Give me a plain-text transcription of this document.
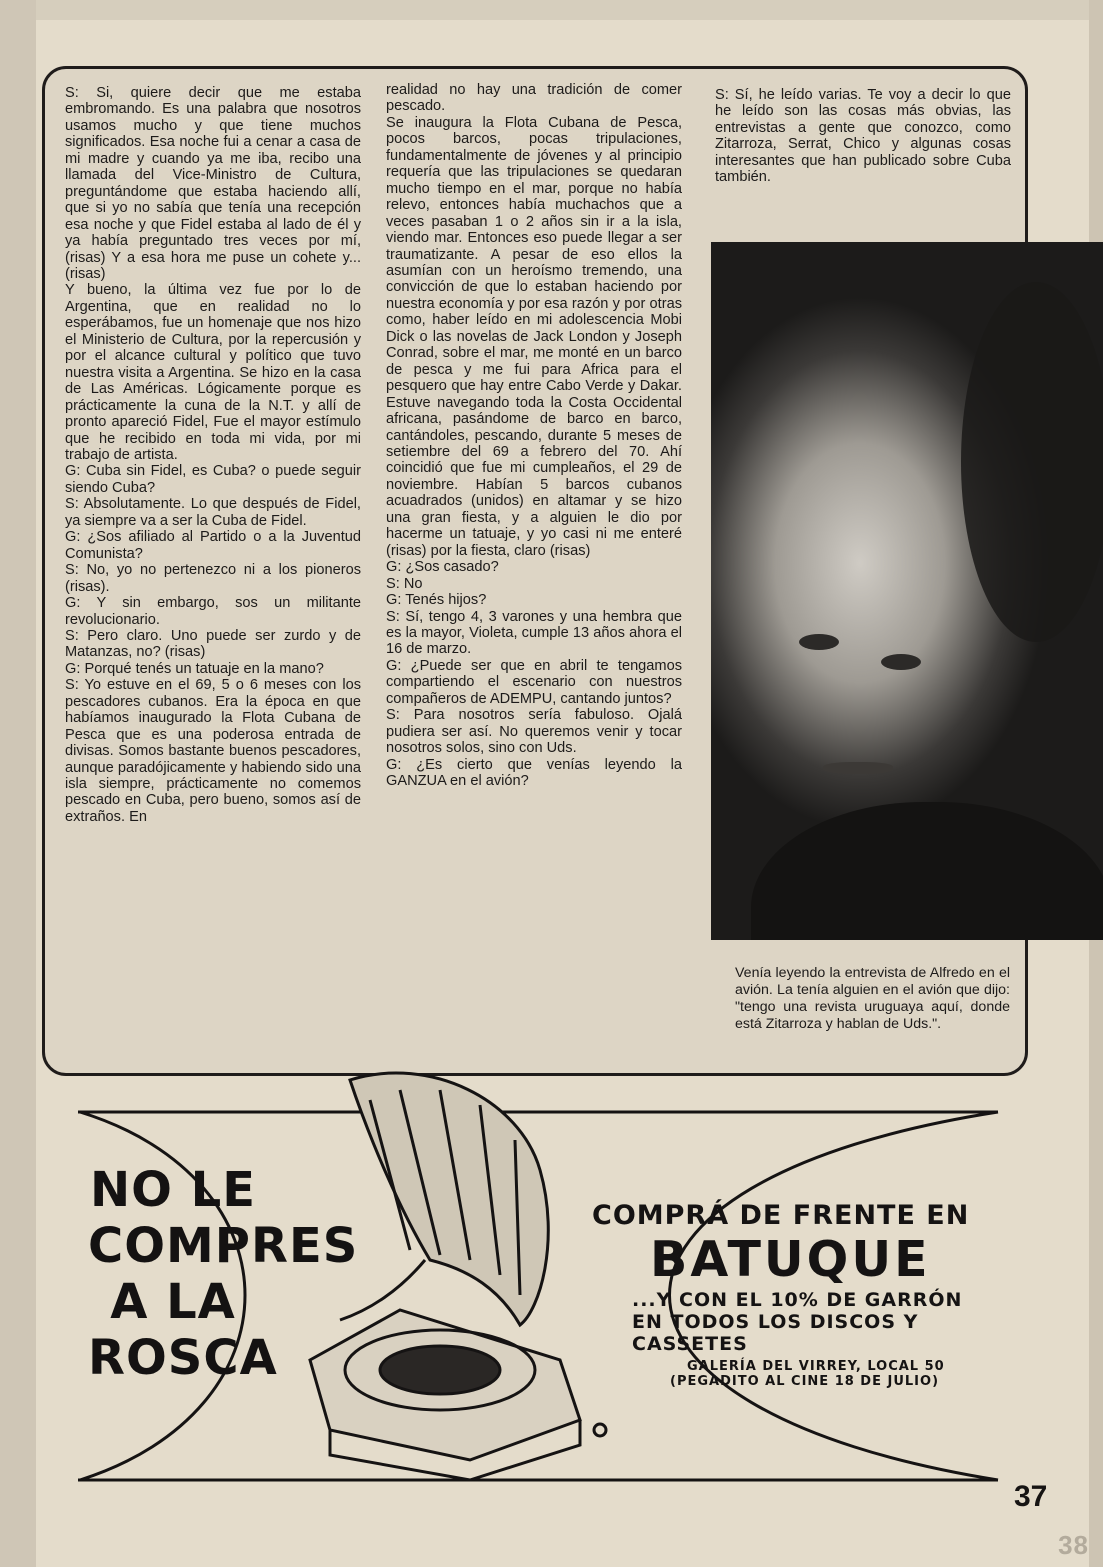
S: Si, quiere decir que me estaba embromando. Es una palabra que nosotros usamos mucho y que tiene muchos significados. Esa noche fui a cenar a casa de mi madre y cuando ya me iba, recibo una llamada del Vice-Ministro de Cultura, preguntándome que estaba haciendo allí, que si yo no sabía que tenía una recepción esa noche y que Fidel estaba al lado de él y ya había preguntado tres veces por mí, (risas) Y a esa hora me puse un cohete y... (risas)
Y bueno, la última vez fue por lo de Argentina, que en realidad no lo esperábamos, fue un homenaje que nos hizo el Ministerio de Cultura, por la repercusión y por el alcance cultural y político que tuvo nuestra visita a Argentina. Se hizo en la casa de Las Américas. Lógicamente porque es prácticamente la cuna de la N.T. y allí de pronto apareció Fidel, Fue el mayor estímulo que he recibido en toda mi vida, por mi trabajo de artista.
G: Cuba sin Fidel, es Cuba? o puede seguir siendo Cuba?
S: Absolutamente. Lo que después de Fidel, ya siempre va a ser la Cuba de Fidel.
G: ¿Sos afiliado al Partido o a la Juventud Comunista?
S: No, yo no pertenezco ni a los pioneros (risas).
G: Y sin embargo, sos un militante revolucionario.
S: Pero claro. Uno puede ser zurdo y de Matanzas, no? (risas)
G: Porqué tenés un tatuaje en la mano?
S: Yo estuve en el 69, 5 o 6 meses con los pescadores cubanos. Era la época en que habíamos inaugurado la Flota Cubana de Pesca que es una poderosa entrada de divisas. Somos bastante buenos pescadores, aunque paradójicamente y habiendo sido una isla siempre, prácticamente no comemos pescado en Cuba, pero bueno, somos así de extraños. En
realidad no hay una tradición de comer pescado.
Se inaugura la Flota Cubana de Pesca, pocos barcos, pocas tripulaciones, fundamentalmente de jóvenes y al principio requería que las tripulaciones se quedaran mucho tiempo en el mar, porque no había relevo, entonces había muchachos que a veces pasaban 1 o 2 años sin ir a la isla, viendo mar. Entonces eso puede llegar a ser traumatizante. A pesar de eso ellos la asumían con un heroísmo tremendo, una convicción de que lo estaban haciendo por nuestra economía y por esa razón y por otras como, haber leído en mi adolescencia Mobi Dick o las novelas de Jack London y Joseph Conrad, sobre el mar, me monté en un barco de pesca y me fui para Africa para el pesquero que hay entre Cabo Verde y Dakar. Estuve navegando toda la Costa Occidental africana, pasándome de barco en barco, cantándoles, pescando, durante 5 meses de setiembre del 69 a febrero del 70. Ahí coincidió que fue mi cumpleaños, el 29 de noviembre. Habían 5 barcos cubanos acuadrados (unidos) en altamar y se hizo una gran fiesta, y a alguien le dio por hacerme un tatuaje, y yo casi ni me enteré (risas) por la fiesta, claro (risas)
G: ¿Sos casado?
S: No
G: Tenés hijos?
S: Sí, tengo 4, 3 varones y una hembra que es la mayor, Violeta, cumple 13 años ahora el 16 de marzo.
G: ¿Puede ser que en abril te tengamos compartiendo el escenario con nuestros compañeros de ADEMPU, cantando juntos?
S: Para nosotros sería fabuloso. Ojalá pudiera ser así. No queremos venir y tocar nosotros solos, sino con Uds.
G: ¿Es cierto que venías leyendo la GANZUA en el avión?
S: Sí, he leído varias. Te voy a decir lo que he leído son las cosas más obvias, las entrevistas a gente que conozco, como Zitarroza, Serrat, Chico y algunas cosas interesantes que han publicado sobre Cuba también.
Venía leyendo la entrevista de Alfredo en el avión. La tenía alguien en el avión que dijo: "tengo una revista uruguaya aquí, donde está Zitarroza y hablan de Uds.".
NO LE COMPRES A LA ROSCA
COMPRÁ DE FRENTE EN
BATUQUE
...Y CON EL 10% DE GARRÓN
EN TODOS LOS DISCOS Y CASSETES
GALERÍA DEL VIRREY, LOCAL 50
(PEGADITO AL CINE 18 DE JULIO)
37
38
